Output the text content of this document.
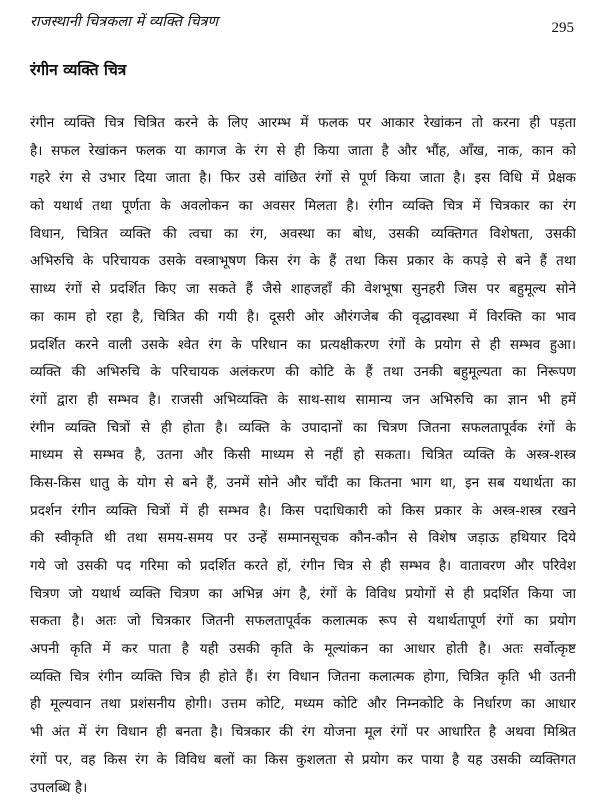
राजस्थानी चित्रकला में व्यक्ति चित्रण	295
रंगीन व्यक्ति चित्र
रंगीन व्यक्ति चित्र चित्रित करने के लिए आरम्भ में फलक पर आकार रेखांकन तो करना ही पड़ता
है। सफल रेखांकन फलक या कागज के रंग से ही किया जाता है और भौंह, आँख, नाक, कान को
गहरे रंग से उभार दिया जाता है। फिर उसे वांछित रंगों से पूर्ण किया जाता है। इस विधि में प्रेक्षक
को यथार्थ तथा पूर्णता के अवलोकन का अवसर मिलता है। रंगीन व्यक्ति चित्र में चित्रकार का रंग
विधान, चित्रित व्यक्ति की त्वचा का रंग, अवस्था का बोध, उसकी व्यक्तिगत विशेषता, उसकी
अभिरुचि के परिचायक उसके वस्त्राभूषण किस रंग के हैं तथा किस प्रकार के कपड़े से बने हैं तथा
साध्य रंगों से प्रदर्शित किए जा सकते हैं जैसे शाहजहाँ की वेशभूषा सुनहरी जिस पर बहुमूल्य सोने
का काम हो रहा है, चित्रित की गयी है। दूसरी ओर औरंगजेब की वृद्धावस्था में विरक्ति का भाव
प्रदर्शित करने वाली उसके श्वेत रंग के परिधान का प्रत्यक्षीकरण रंगों के प्रयोग से ही सम्भव हुआ।
व्यक्ति की अभिरुचि के परिचायक अलंकरण की कोटि के हैं तथा उनकी बहुमूल्यता का निरूपण
रंगों द्वारा ही सम्भव है। राजसी अभिव्यक्ति के साथ-साथ सामान्य जन अभिरुचि का ज्ञान भी हमें
रंगीन व्यक्ति चित्रों से ही होता है। व्यक्ति के उपादानों का चित्रण जितना सफलतापूर्वक रंगों के
माध्यम से सम्भव है, उतना और किसी माध्यम से नहीं हो सकता। चित्रित व्यक्ति के अस्त्र-शस्त्र
किस-किस धातु के योग से बने हैं, उनमें सोने और चाँदी का कितना भाग था, इन सब यथार्थता का
प्रदर्शन रंगीन व्यक्ति चित्रों में ही सम्भव है। किस पदाधिकारी को किस प्रकार के अस्त्र-शस्त्र रखने
की स्वीकृति थी तथा समय-समय पर उन्हें सम्मानसूचक कौन-कौन से विशेष जड़ाऊ हथियार दिये
गये जो उसकी पद गरिमा को प्रदर्शित करते हों, रंगीन चित्र से ही सम्भव है। वातावरण और परिवेश
चित्रण जो यथार्थ व्यक्ति चित्रण का अभिन्न अंग है, रंगों के विविध प्रयोगों से ही प्रदर्शित किया जा
सकता है। अतः जो चित्रकार जितनी सफलतापूर्वक कलात्मक रूप से यथार्थतापूर्ण रंगों का प्रयोग
अपनी कृति में कर पाता है यही उसकी कृति के मूल्यांकन का आधार होती है। अतः सर्वोत्कृष्ट
व्यक्ति चित्र रंगीन व्यक्ति चित्र ही होते हैं। रंग विधान जितना कलात्मक होगा, चित्रित कृति भी उतनी
ही मूल्यवान तथा प्रशंसनीय होगी। उत्तम कोटि, मध्यम कोटि और निम्नकोटि के निर्धारण का आधार
भी अंत में रंग विधान ही बनता है। चित्रकार की रंग योजना मूल रंगों पर आधारित है अथवा मिश्रित
रंगों पर, वह किस रंग के विविध बलों का किस कुशलता से प्रयोग कर पाया है यह उसकी व्यक्तिगत
उपलब्धि है।
